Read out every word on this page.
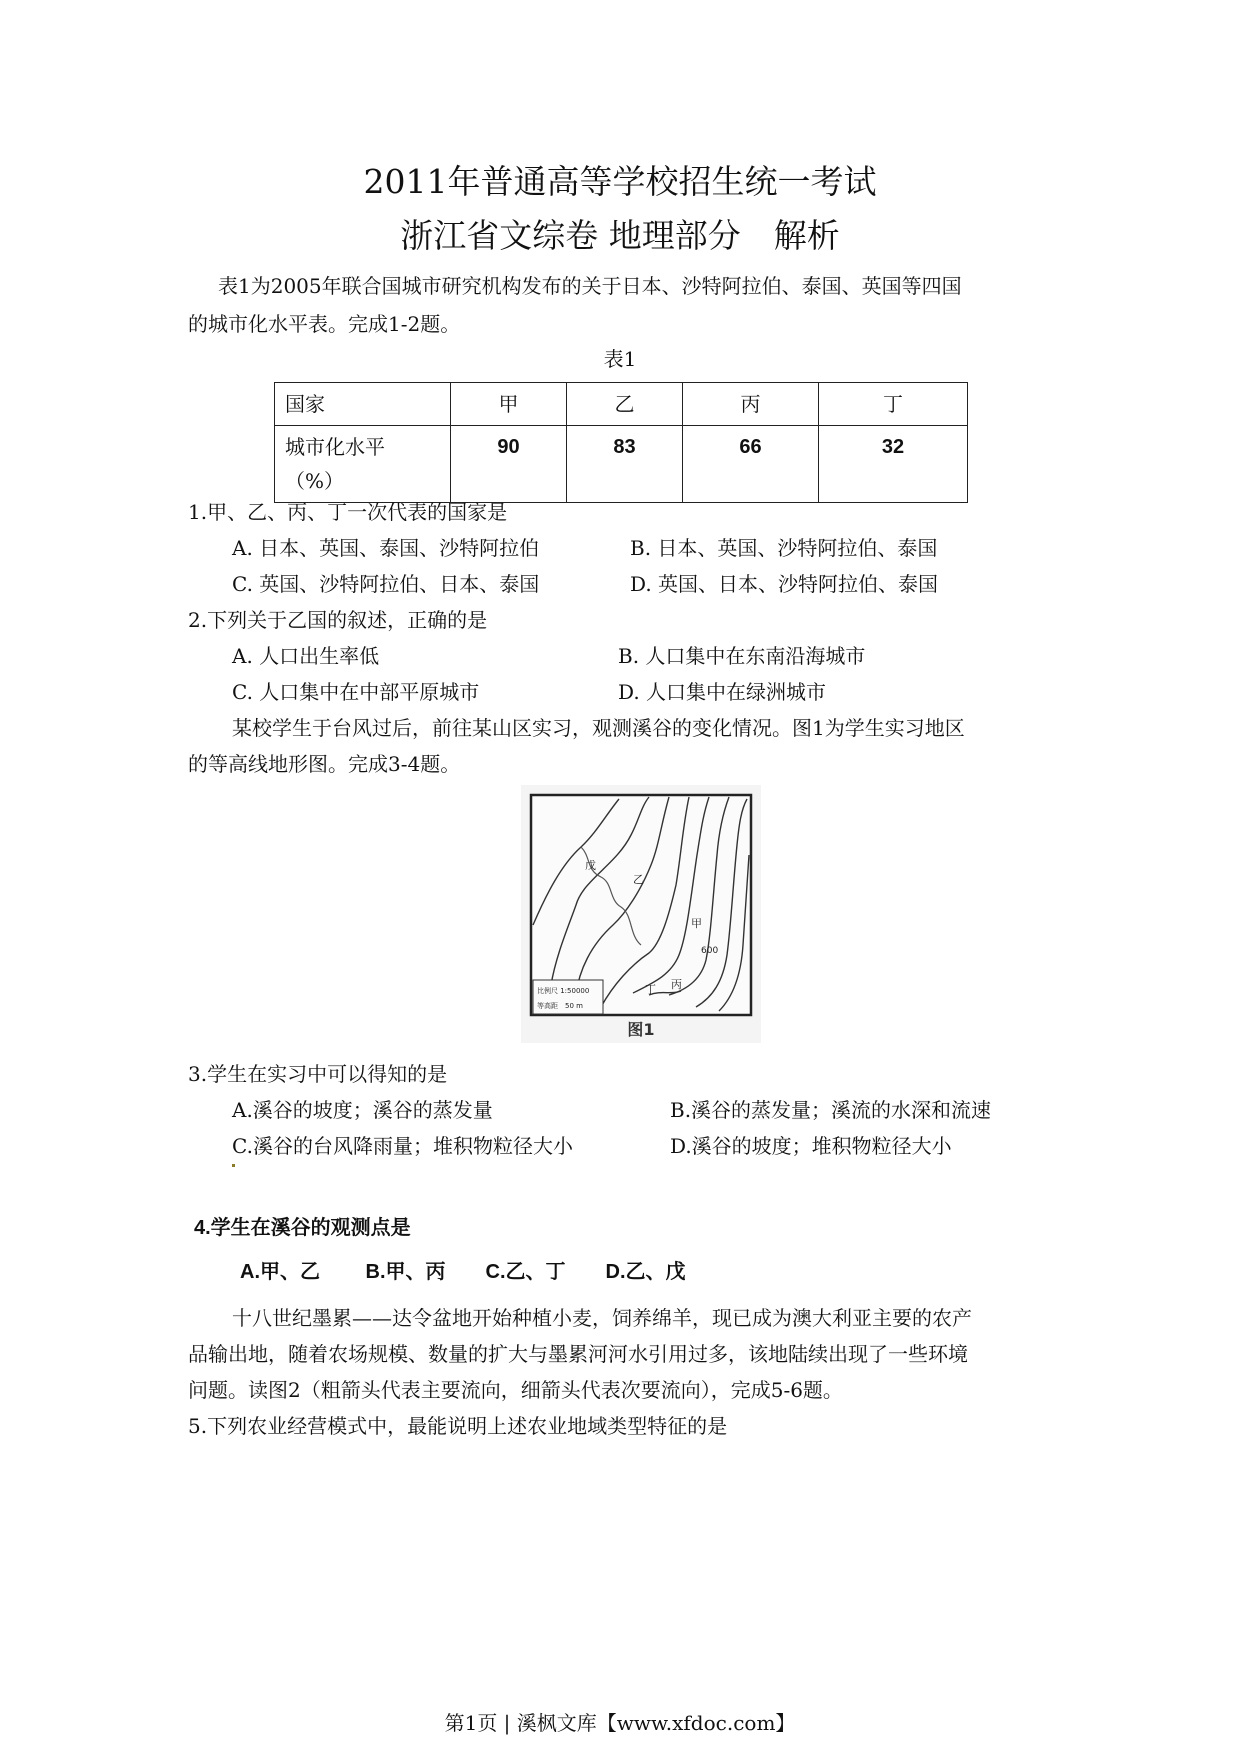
2011年普通高等学校招生统一考试
浙江省文综卷 地理部分　解析
表1为2005年联合国城市研究机构发布的关于日本、沙特阿拉伯、泰国、英国等四国
的城市化水平表。完成1-2题。
表1
国家	甲	乙	丙	丁

城市化水平
（%）	90	83	66	32
1.甲、乙、丙、丁一次代表的国家是
A. 日本、英国、泰国、沙特阿拉伯	B. 日本、英国、沙特阿拉伯、泰国
C. 英国、沙特阿拉伯、日本、泰国	D. 英国、日本、沙特阿拉伯、泰国
2.下列关于乙国的叙述，正确的是
A. 人口出生率低	B. 人口集中在东南沿海城市
C. 人口集中在中部平原城市	D. 人口集中在绿洲城市
某校学生于台风过后，前往某山区实习，观测溪谷的变化情况。图1为学生实习地区
的等高线地形图。完成3-4题。
戊
乙
甲
丁 丙
600
比例尺 1:50000
等高距　50 m
图1
3.学生在实习中可以得知的是
A.溪谷的坡度；溪谷的蒸发量	B.溪谷的蒸发量；溪流的水深和流速
C.溪谷的台风降雨量；堆积物粒径大小	D.溪谷的坡度；堆积物粒径大小
4.学生在溪谷的观测点是
A.甲、乙　　 B.甲、丙　　C.乙、丁　　D.乙、戊
十八世纪墨累——达令盆地开始种植小麦，饲养绵羊，现已成为澳大利亚主要的农产
品输出地，随着农场规模、数量的扩大与墨累河河水引用过多，该地陆续出现了一些环境
问题。读图2（粗箭头代表主要流向，细箭头代表次要流向），完成5-6题。
5.下列农业经营模式中，最能说明上述农业地域类型特征的是
第1页 | 溪枫文库【www.xfdoc.com】
